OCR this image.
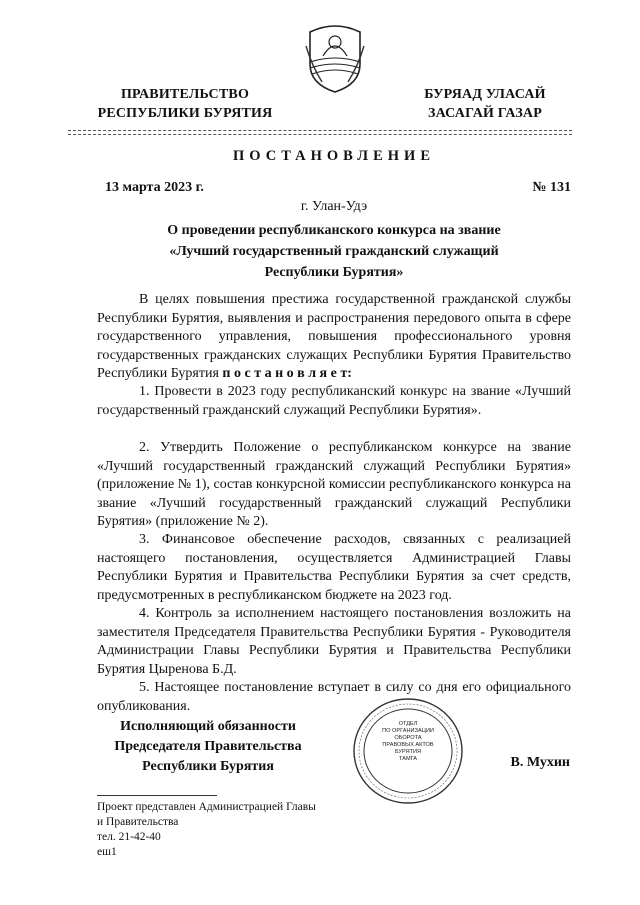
ПРАВИТЕЛЬСТВО
РЕСПУБЛИКИ БУРЯТИЯ
БУРЯАД УЛАСАЙ
ЗАСАГАЙ ГАЗАР
ПОСТАНОВЛЕНИЕ
13 марта 2023 г.	№ 131
г. Улан-Удэ
О проведении республиканского конкурса на звание
«Лучший государственный гражданский служащий
Республики Бурятия»

В целях повышения престижа государственной гражданской службы Республики Бурятия, выявления и распространения передового опыта в сфере государственного управления, повышения профессионального уровня государственных гражданских служащих Республики Бурятия Правительство Республики Бурятия п о с т а н о в л я е т:

1. Провести в 2023 году республиканский конкурс на звание «Лучший государственный гражданский служащий Республики Бурятия».

2. Утвердить Положение о республиканском конкурсе на звание «Лучший государственный гражданский служащий Республики Бурятия» (приложение № 1), состав конкурсной комиссии республиканского конкурса на звание «Лучший государственный гражданский служащий Республики Бурятия» (приложение № 2).

3. Финансовое обеспечение расходов, связанных с реализацией настоящего постановления, осуществляется Администрацией Главы Республики Бурятия и Правительства Республики Бурятия за счет средств, предусмотренных в республиканском бюджете на 2023 год.

4. Контроль за исполнением настоящего постановления возложить на заместителя Председателя Правительства Республики Бурятия - Руководителя Администрации Главы Республики Бурятия и Правительства Республики Бурятия Цыренова Б.Д.

5. Настоящее постановление вступает в силу со дня его официального опубликования.

Исполняющий обязанности
Председателя Правительства
Республики Бурятия
ОТДЕЛ
ПО ОРГАНИЗАЦИИ
ОБОРОТА
ПРАВОВЫХ АКТОВ
БУРЯТИЯ
ТАМГА	В. Мухин
Проект представлен Администрацией Главы
и Правительства
тел. 21-42-40
еш1
